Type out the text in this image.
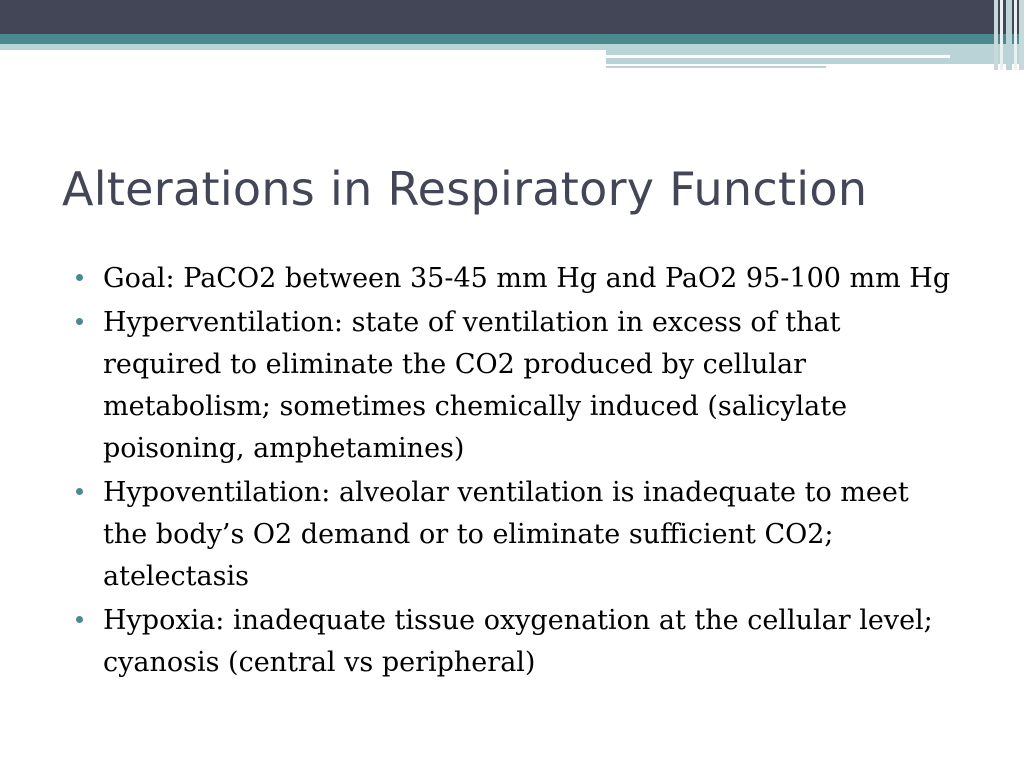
Alterations in Respiratory Function
Goal: PaCO2 between 35-45 mm Hg and PaO2 95-100 mm Hg
Hyperventilation: state of ventilation in excess of that required to eliminate the CO2 produced by cellular metabolism; sometimes chemically induced (salicylate poisoning, amphetamines)
Hypoventilation: alveolar ventilation is inadequate to meet the body’s O2 demand or to eliminate sufficient CO2; atelectasis
Hypoxia: inadequate tissue oxygenation at the cellular level; cyanosis (central vs peripheral)
